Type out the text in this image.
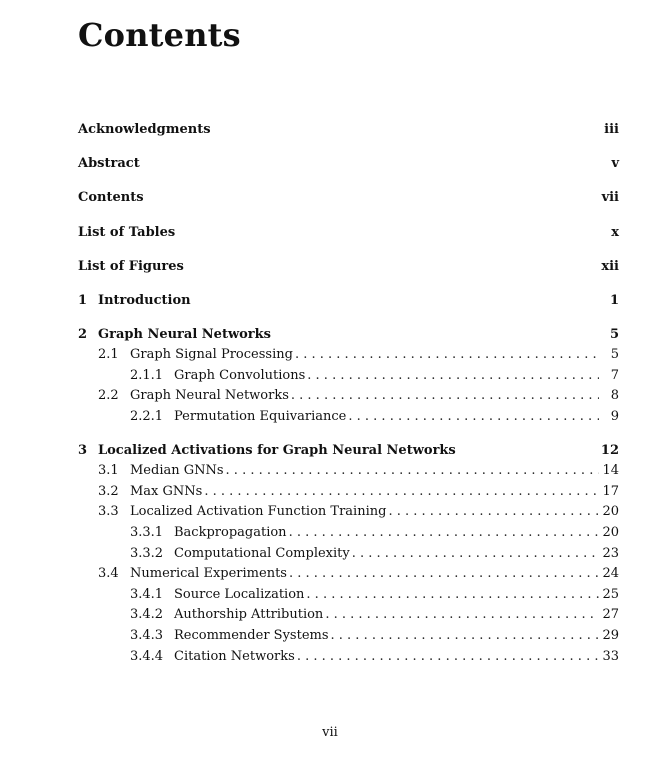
Contents
Acknowledgments	iii
Abstract	v
Contents	vii
List of Tables	x
List of Figures	xii
1 Introduction	1
2 Graph Neural Networks	5
2.1 Graph Signal Processing . . .	5
2.1.1 Graph Convolutions . . .	7
2.2 Graph Neural Networks . . .	8
2.2.1 Permutation Equivariance . . .	9
3 Localized Activations for Graph Neural Networks	12
3.1 Median GNNs . . .	14
3.2 Max GNNs . . .	17
3.3 Localized Activation Function Training . . .	20
3.3.1 Backpropagation . . .	20
3.3.2 Computational Complexity . . .	23
3.4 Numerical Experiments . . .	24
3.4.1 Source Localization . . .	25
3.4.2 Authorship Attribution . . .	27
3.4.3 Recommender Systems . . .	29
3.4.4 Citation Networks . . .	33
vii
